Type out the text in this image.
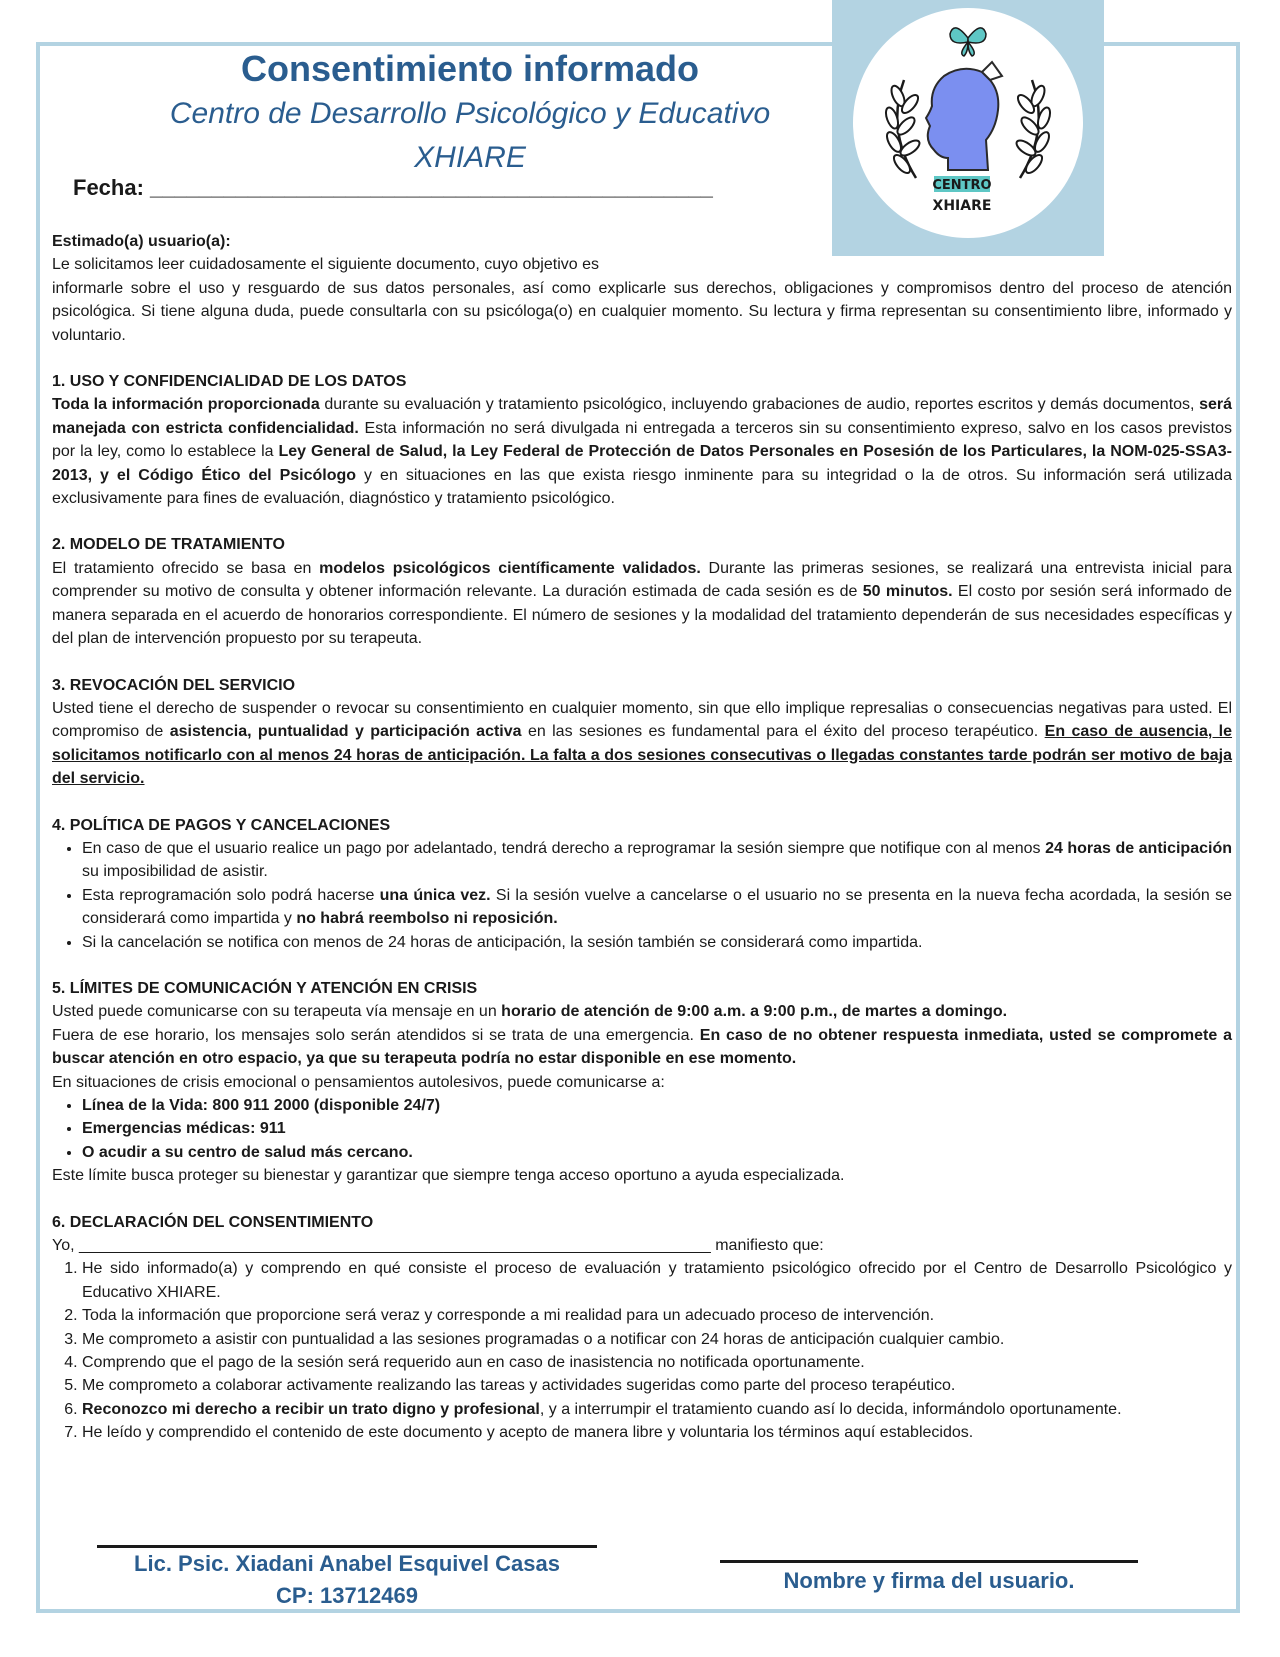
CENTRO
XHIARE
Consentimiento informado
Centro de Desarrollo Psicológico y Educativo
XHIARE
Fecha: ______________________________________________

Estimado(a) usuario(a):

Le solicitamos leer cuidadosamente el siguiente documento, cuyo objetivo es

informarle sobre el uso y resguardo de sus datos personales, así como explicarle sus derechos, obligaciones y compromisos dentro del proceso de atención psicológica. Si tiene alguna duda, puede consultarla con su psicóloga(o) en cualquier momento. Su lectura y firma representan su consentimiento libre, informado y voluntario.

1. USO Y CONFIDENCIALIDAD DE LOS DATOS

Toda la información proporcionada durante su evaluación y tratamiento psicológico, incluyendo grabaciones de audio, reportes escritos y demás documentos, será manejada con estricta confidencialidad. Esta información no será divulgada ni entregada a terceros sin su consentimiento expreso, salvo en los casos previstos por la ley, como lo establece la Ley General de Salud, la Ley Federal de Protección de Datos Personales en Posesión de los Particulares, la NOM-025-SSA3-2013, y el Código Ético del Psicólogo y en situaciones en las que exista riesgo inminente para su integridad o la de otros. Su información será utilizada exclusivamente para fines de evaluación, diagnóstico y tratamiento psicológico.

2. MODELO DE TRATAMIENTO

El tratamiento ofrecido se basa en modelos psicológicos científicamente validados. Durante las primeras sesiones, se realizará una entrevista inicial para comprender su motivo de consulta y obtener información relevante. La duración estimada de cada sesión es de 50 minutos. El costo por sesión será informado de manera separada en el acuerdo de honorarios correspondiente. El número de sesiones y la modalidad del tratamiento dependerán de sus necesidades específicas y del plan de intervención propuesto por su terapeuta.

3. REVOCACIÓN DEL SERVICIO

Usted tiene el derecho de suspender o revocar su consentimiento en cualquier momento, sin que ello implique represalias o consecuencias negativas para usted. El compromiso de asistencia, puntualidad y participación activa en las sesiones es fundamental para el éxito del proceso terapéutico. En caso de ausencia, le solicitamos notificarlo con al menos 24 horas de anticipación. La falta a dos sesiones consecutivas o llegadas constantes tarde podrán ser motivo de baja del servicio.

4. POLÍTICA DE PAGOS Y CANCELACIONES

• En caso de que el usuario realice un pago por adelantado, tendrá derecho a reprogramar la sesión siempre que notifique con al menos 24 horas de anticipación su imposibilidad de asistir.
• Esta reprogramación solo podrá hacerse una única vez. Si la sesión vuelve a cancelarse o el usuario no se presenta en la nueva fecha acordada, la sesión se considerará como impartida y no habrá reembolso ni reposición.
• Si la cancelación se notifica con menos de 24 horas de anticipación, la sesión también se considerará como impartida.

5. LÍMITES DE COMUNICACIÓN Y ATENCIÓN EN CRISIS

Usted puede comunicarse con su terapeuta vía mensaje en un horario de atención de 9:00 a.m. a 9:00 p.m., de martes a domingo.

Fuera de ese horario, los mensajes solo serán atendidos si se trata de una emergencia. En caso de no obtener respuesta inmediata, usted se compromete a buscar atención en otro espacio, ya que su terapeuta podría no estar disponible en ese momento.

En situaciones de crisis emocional o pensamientos autolesivos, puede comunicarse a:

• Línea de la Vida: 800 911 2000 (disponible 24/7)
• Emergencias médicas: 911
• O acudir a su centro de salud más cercano.

Este límite busca proteger su bienestar y garantizar que siempre tenga acceso oportuno a ayuda especializada.

6. DECLARACIÓN DEL CONSENTIMIENTO

Yo, _______________________________________________________________________ manifiesto que:

1. He sido informado(a) y comprendo en qué consiste el proceso de evaluación y tratamiento psicológico ofrecido por el Centro de Desarrollo Psicológico y Educativo XHIARE.
2. Toda la información que proporcione será veraz y corresponde a mi realidad para un adecuado proceso de intervención.
3. Me comprometo a asistir con puntualidad a las sesiones programadas o a notificar con 24 horas de anticipación cualquier cambio.
4. Comprendo que el pago de la sesión será requerido aun en caso de inasistencia no notificada oportunamente.
5. Me comprometo a colaborar activamente realizando las tareas y actividades sugeridas como parte del proceso terapéutico.
6. Reconozco mi derecho a recibir un trato digno y profesional, y a interrumpir el tratamiento cuando así lo decida, informándolo oportunamente.
7. He leído y comprendido el contenido de este documento y acepto de manera libre y voluntaria los términos aquí establecidos.
Lic. Psic. Xiadani Anabel Esquivel Casas
CP: 13712469
Nombre y firma del usuario.
